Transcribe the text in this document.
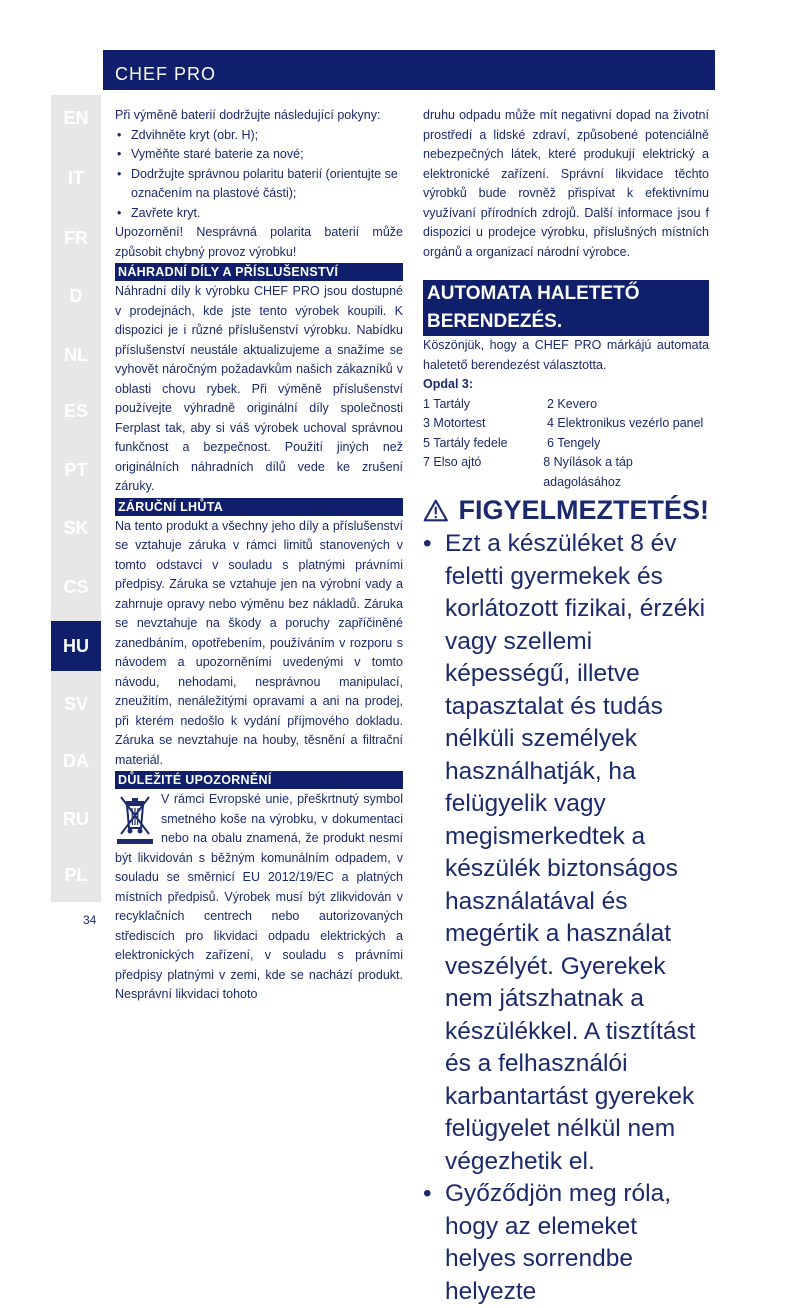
CHEF PRO
EN
IT
FR
D
NL
ES
PT
SK
CS
HU
SV
DA
RU
PL
34

Při výměně baterií dodržujte následující pokyny:

• Zdvihněte kryt (obr. H);
• Vyměňte staré baterie za nové;
• Dodržujte správnou polaritu baterií (orientujte se označením na plastové části);
• Zavřete kryt.

Upozornění! Nesprávná polarita baterií může způsobit chybný provoz výrobku!

NÁHRADNÍ DÍLY A PŘÍSLUŠENSTVÍ

Náhradní díly k výrobku CHEF PRO jsou dostupné v prodejnách, kde jste tento výrobek koupili. K dispozici je i různé příslušenství výrobku. Nabídku příslušenství neustále aktualizujeme a snažíme se vyhovět náročným požadavkům našich zákazníků v oblasti chovu rybek. Při výměně příslušenství používejte výhradně originální díly společnosti Ferplast tak, aby si váš výrobek uchoval správnou funkčnost a bezpečnost. Použití jiných než originálních náhradních dílů vede ke zrušení záruky.

ZÁRUČNÍ LHŮTA

Na tento produkt a všechny jeho díly a příslušenství se vztahuje záruka v rámci limitů stanovených v tomto odstavci v souladu s platnými právními předpisy. Záruka se vztahuje jen na výrobní vady a zahrnuje opravy nebo výměnu bez nákladů. Záruka se nevztahuje na škody a poruchy zapříčiněné zanedbáním, opotřebením, používáním v rozporu s návodem a upozorněními uvedenými v tomto návodu, nehodami, nesprávnou manipulací, zneužitím, nenáležitými opravami a ani na prodej, při kterém nedošlo k vydání příjmového dokladu. Záruka se nevztahuje na houby, těsnění a filtrační materiál.

DŮLEŽITÉ UPOZORNĚNÍ

V rámci Evropské unie, přeškrtnutý symbol smetného koše na výrobku, v dokumentaci nebo na obalu znamená, že produkt nesmí být likvidován s běžným komunálním odpadem, v souladu se směrnicí EU 2012/19/EC a platných místních předpisů. Výrobek musí být zlikvidován v recyklačních centrech nebo autorizovaných střediscích pro likvidaci odpadu elektrických a elektronických zařízení, v souladu s právními předpisy platnými v zemi, kde se nachází produkt. Nesprávní likvidaci tohoto

druhu odpadu může mít negativní dopad na životní prostředí a lidské zdraví, způsobené potenciálně nebezpečných látek, které produkují elektrický a elektronické zařízení. Správní likvidace těchto výrobků bude rovněž přispívat k efektivnímu využívaní přírodních zdrojů. Další informace jsou f dispozici u prodejce výrobku, příslušných místních orgánů a organizací národní výrobce.

AUTOMATA HALETETŐ BERENDEZÉS.

Köszönjük, hogy a CHEF PRO márkájú automata haletető berendezést választotta.

Opdal 3:
1 Tartály	2 Kevero
3 Motortest	4 Elektronikus vezérlo panel
5 Tartály fedele	6 Tengely
7 Elso ajtó	8 Nyílások a táp adagolásához
FIGYELMEZTETÉS!
• Ezt a készüléket 8 év feletti gyermekek és korlátozott fizikai, érzéki vagy szellemi képességű, illetve tapasztalat és tudás nélküli személyek használhatják, ha felügyelik vagy megismerkedtek a készülék biztonságos használatával és megértik a használat veszélyét. Gyerekek nem játszhatnak a készülékkel. A tisztítást és a felhasználói karbantartást gyerekek felügyelet nélkül nem végezhetik el.
• Győződjön meg róla, hogy az elemeket helyes sorrendbe helyezte
